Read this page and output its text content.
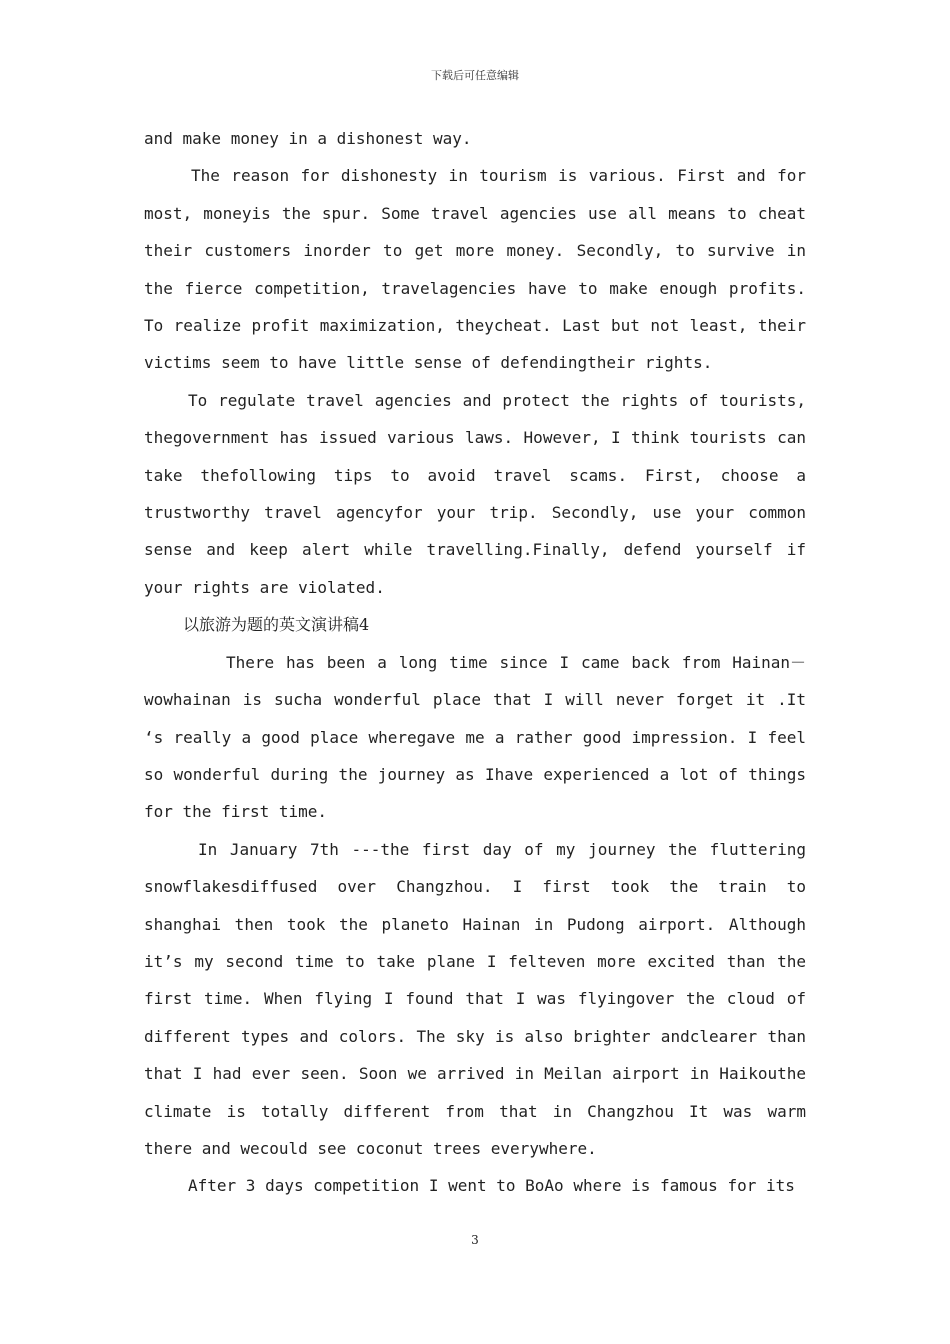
下载后可任意编辑

and make money in a dishonest way.

The reason for dishonesty in tourism is various. First and for most, moneyis the spur. Some travel agencies use all means to cheat their customers inorder to get more money. Secondly, to survive in the fierce competition, travelagencies have to make enough profits. To realize profit maximization, theycheat. Last but not least, their victims seem to have little sense of defendingtheir rights.

To regulate travel agencies and protect the rights of tourists, thegovernment has issued various laws. However, I think tourists can take thefollowing tips to avoid travel scams. First, choose a trustworthy travel agencyfor your trip. Secondly, use your common sense and keep alert while travelling.Finally, defend yourself if your rights are violated.

以旅游为题的英文演讲稿4

There has been a long time since I came back from Hainan－wowhainan is sucha wonderful place that I will never forget it .It ‘s really a good place wheregave me a rather good impression. I feel so wonderful during the journey as Ihave experienced a lot of things for the first time.

In January 7th ---the first day of my journey the fluttering snowflakesdiffused over Changzhou. I first took the train to shanghai then took the planeto Hainan in Pudong airport. Although it’s my second time to take plane I felteven more excited than the first time. When flying I found that I was flyingover the cloud of different types and colors. The sky is also brighter andclearer than that I had ever seen. Soon we arrived in Meilan airport in Haikouthe climate is totally different from that in Changzhou It was warm there and wecould see coconut trees everywhere.

After 3 days competition I went to BoAo where is famous for its

3
